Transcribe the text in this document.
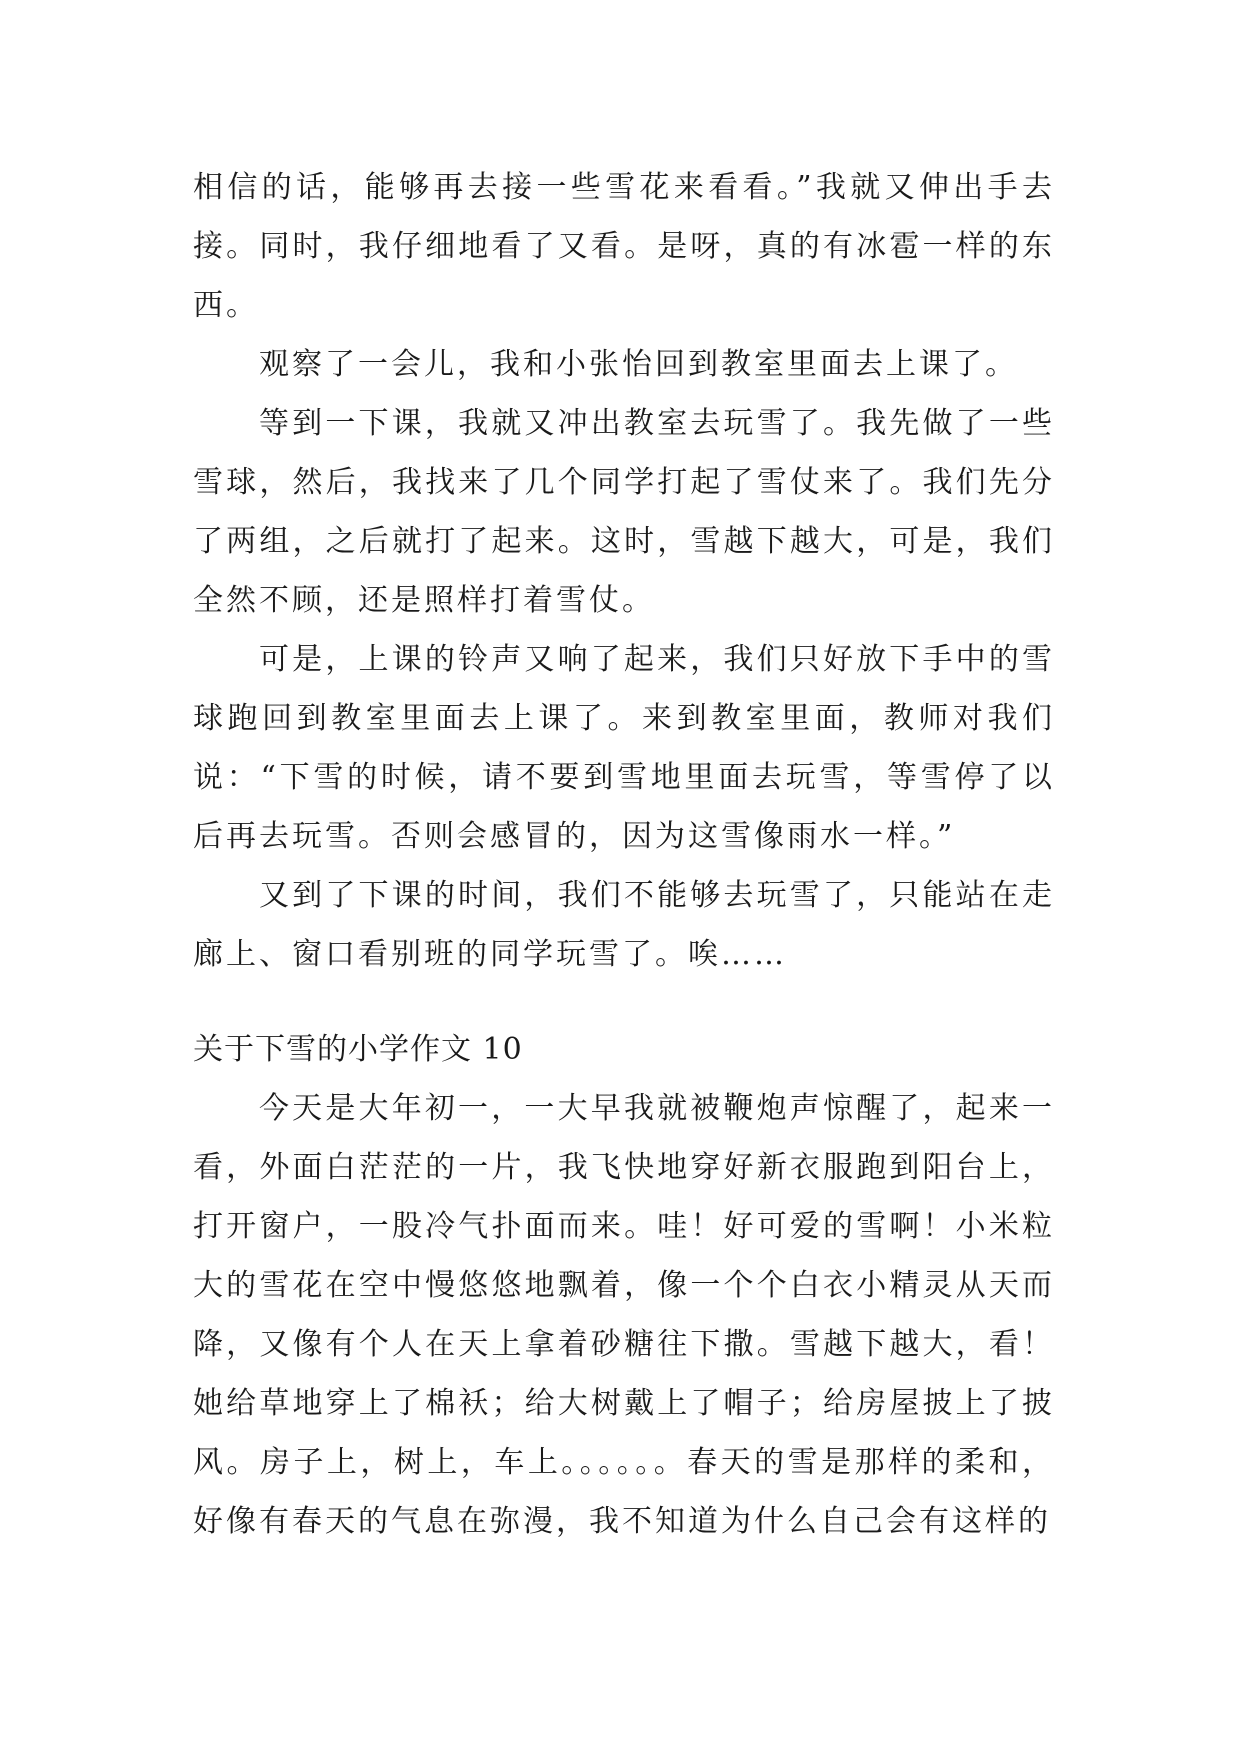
相信的话，能够再去接一些雪花来看看。”我就又伸出手去接。同时，我仔细地看了又看。是呀，真的有冰雹一样的东西。

观察了一会儿，我和小张怡回到教室里面去上课了。

等到一下课，我就又冲出教室去玩雪了。我先做了一些雪球，然后，我找来了几个同学打起了雪仗来了。我们先分了两组，之后就打了起来。这时，雪越下越大，可是，我们全然不顾，还是照样打着雪仗。

可是，上课的铃声又响了起来，我们只好放下手中的雪球跑回到教室里面去上课了。来到教室里面，教师对我们说：“下雪的时候，请不要到雪地里面去玩雪，等雪停了以后再去玩雪。否则会感冒的，因为这雪像雨水一样。”

又到了下课的时间，我们不能够去玩雪了，只能站在走廊上、窗口看别班的同学玩雪了。唉……

关于下雪的小学作文 10

今天是大年初一，一大早我就被鞭炮声惊醒了，起来一看，外面白茫茫的一片，我飞快地穿好新衣服跑到阳台上，打开窗户，一股冷气扑面而来。哇！好可爱的雪啊！小米粒大的雪花在空中慢悠悠地飘着，像一个个白衣小精灵从天而降，又像有个人在天上拿着砂糖往下撒。雪越下越大，看！她给草地穿上了棉袄；给大树戴上了帽子；给房屋披上了披风。房子上，树上，车上。。。。。。春天的雪是那样的柔和，好像有春天的气息在弥漫，我不知道为什么自己会有这样的
